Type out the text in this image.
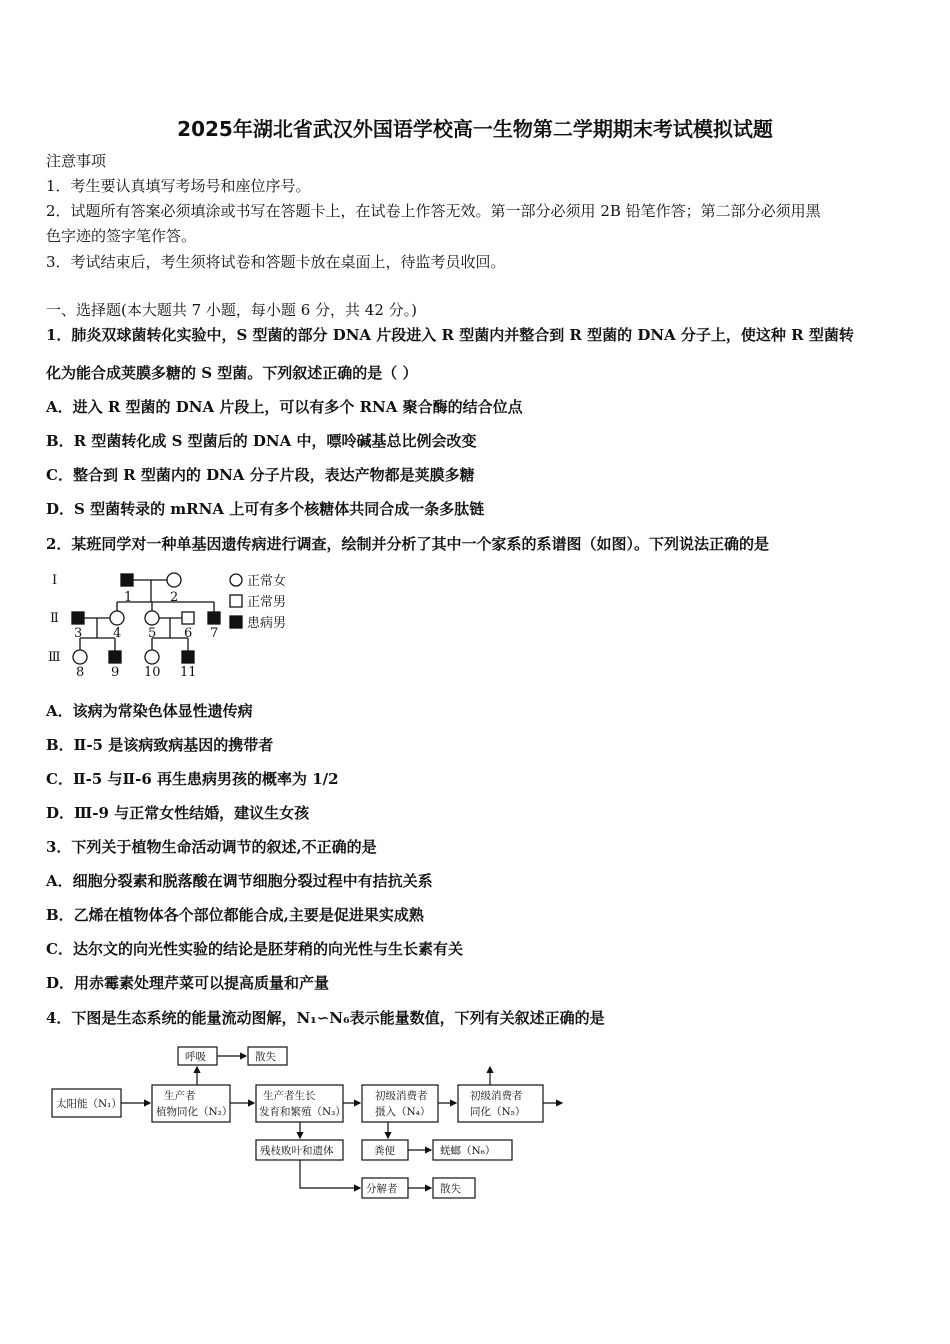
2025年湖北省武汉外国语学校高一生物第二学期期末考试模拟试题
注意事项
1．考生要认真填写考场号和座位序号。
2．试题所有答案必须填涂或书写在答题卡上，在试卷上作答无效。第一部分必须用 2B 铅笔作答；第二部分必须用黑
色字迹的签字笔作答。
3．考试结束后，考生须将试卷和答题卡放在桌面上，待监考员收回。
一、选择题(本大题共 7 小题，每小题 6 分，共 42 分。)
1．肺炎双球菌转化实验中，S 型菌的部分 DNA 片段进入 R 型菌内并整合到 R 型菌的 DNA 分子上，使这种 R 型菌转
化为能合成荚膜多糖的 S 型菌。下列叙述正确的是（ ）
A．进入 R 型菌的 DNA 片段上，可以有多个 RNA 聚合酶的结合位点
B．R 型菌转化成 S 型菌后的 DNA 中，嘌呤碱基总比例会改变
C．整合到 R 型菌内的 DNA 分子片段，表达产物都是荚膜多糖
D．S 型菌转录的 mRNA 上可有多个核糖体共同合成一条多肽链
2．某班同学对一种单基因遗传病进行调查，绘制并分析了其中一个家系的系谱图（如图）。下列说法正确的是
Ⅰ
Ⅱ
Ⅲ
1	2
3 4 5 6 7
8 9 10 11
正常女
正常男
患病男
A．该病为常染色体显性遗传病
B．Ⅱ-5 是该病致病基因的携带者
C．Ⅱ-5 与Ⅱ-6 再生患病男孩的概率为 1/2
D．Ⅲ-9 与正常女性结婚，建议生女孩
3．下列关于植物生命活动调节的叙述,不正确的是
A．细胞分裂素和脱落酸在调节细胞分裂过程中有拮抗关系
B．乙烯在植物体各个部位都能合成,主要是促进果实成熟
C．达尔文的向光性实验的结论是胚芽稍的向光性与生长素有关
D．用赤霉素处理芹菜可以提高质量和产量
4．下图是生态系统的能量流动图解，N₁∽N₆表示能量数值，下列有关叙述正确的是
太阳能（N₁）
生产者
植物同化（N₂）
呼吸	散失
生产者生长
发育和繁殖（N₃）
初级消费者
摄入（N₄）
初级消费者
同化（N₅）
残枝败叶和遗体	粪便	蜣螂（N₆）
分解者	散失
